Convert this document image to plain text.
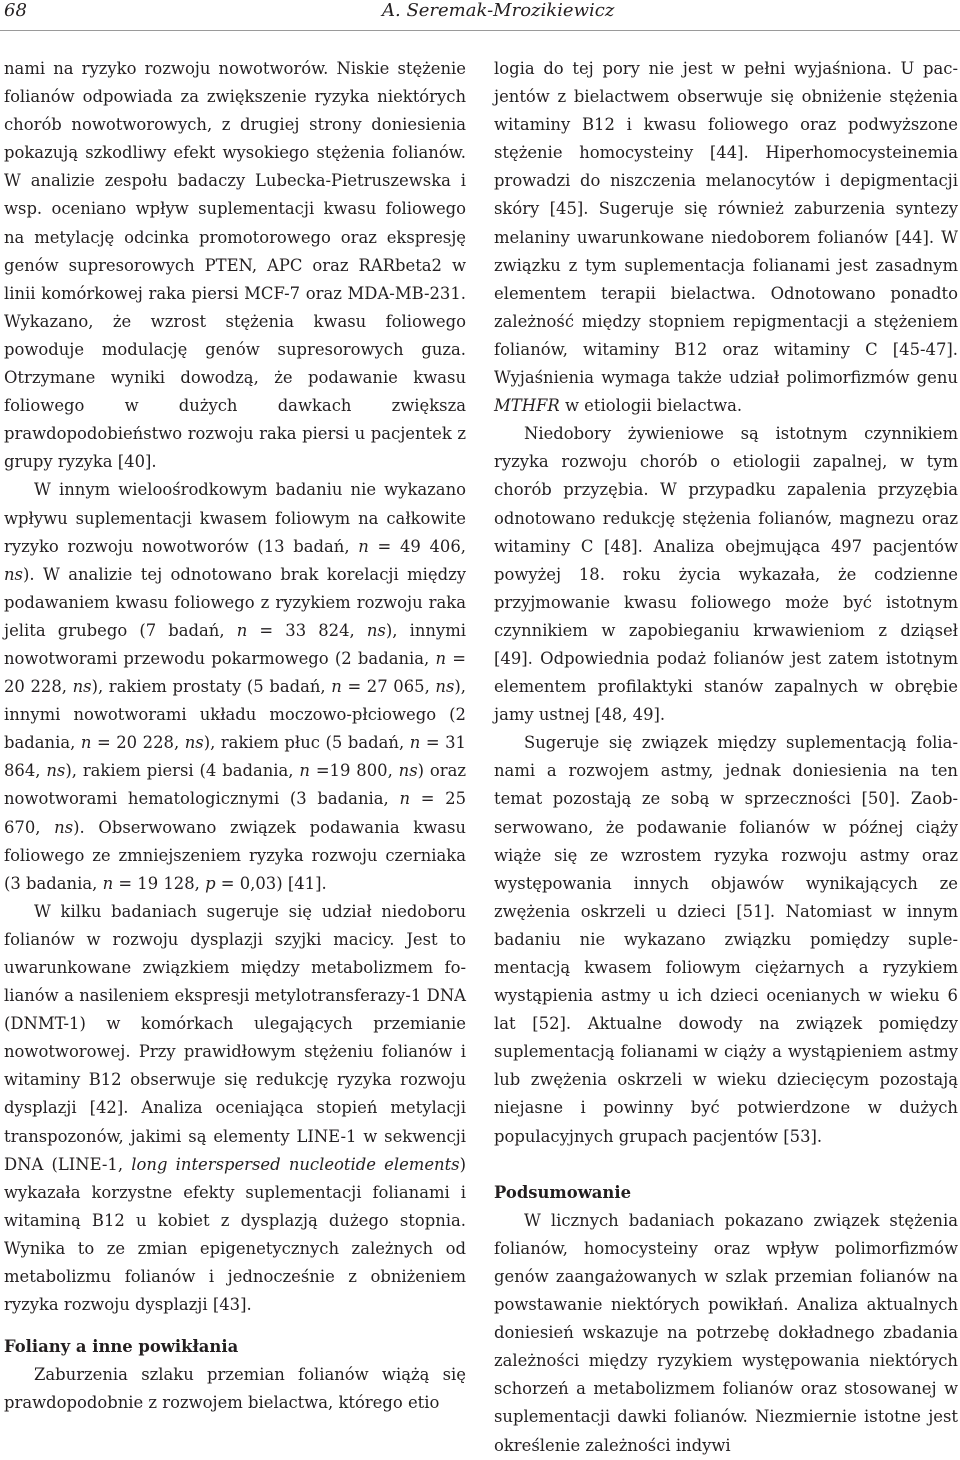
68	A. Seremak-Mrozikiewicz

nami na ryzyko rozwoju nowotworów. Niskie stężenie folianów odpowiada za zwiększenie ryzyka niektórych chorób nowotworowych, z drugiej strony doniesienia pokazują szkodliwy efekt wysokiego stężenia folianów. W analizie zespołu badaczy Lubecka-Pietruszewska i wsp. oceniano wpływ suplementacji kwasu foliowego na metylację odcinka promotorowego oraz ekspresję genów supresorowych PTEN, APC oraz RARbeta2 w linii komórkowej raka piersi MCF-7 oraz MDA-MB-231. Wykazano, że wzrost stężenia kwasu foliowego powoduje modulację genów supresorowych guza. Otrzymane wyniki dowodzą, że podawanie kwasu foliowego w dużych dawkach zwiększa prawdopodobieństwo rozwoju raka piersi u pacjentek z grupy ryzyka [40].

W innym wieloośrodkowym badaniu nie wykazano wpływu suplementacji kwasem foliowym na całkowite ryzyko rozwoju nowotworów (13 badań, n = 49 406, ns). W analizie tej odnotowano brak korelacji między podawaniem kwasu foliowego z ryzykiem rozwoju raka jelita grubego (7 badań, n = 33 824, ns), innymi nowotworami przewodu pokarmowego (2 badania, n = 20 228, ns), rakiem prostaty (5 badań, n = 27 065, ns), innymi nowotworami układu moczowo-płciowego (2 badania, n = 20 228, ns), rakiem płuc (5 badań, n = 31 864, ns), rakiem piersi (4 badania, n =19 800, ns) oraz nowotworami hematologicznymi (3 badania, n = 25 670, ns). Obserwowano związek podawania kwasu foliowego ze zmniejszeniem ryzyka rozwoju czerniaka (3 badania, n = 19 128, p = 0,03) [41].

W kilku badaniach sugeruje się udział niedoboru folianów w rozwoju dysplazji szyjki macicy. Jest to uwarunkowane związkiem między metabolizmem folianów a nasileniem ekspresji metylotransferazy-1 DNA (DNMT-1) w komórkach ulegających przemianie nowotworowej. Przy prawidłowym stężeniu folianów i witaminy B12 obserwuje się redukcję ryzyka rozwoju dysplazji [42]. Analiza oceniająca stopień metylacji transpozonów, jakimi są elementy LINE-1 w sekwencji DNA (LINE-1, long interspersed nucleotide elements) wykazała korzystne efekty suplementacji folianami i witaminą B12 u kobiet z dysplazją dużego stopnia. Wynika to ze zmian epigenetycznych zależnych od metabolizmu folianów i jednocześnie z obniżeniem ryzyka rozwoju dysplazji [43].

Foliany a inne powikłania

Zaburzenia szlaku przemian folianów wiążą się prawdopodobnie z rozwojem bielactwa, którego etio

logia do tej pory nie jest w pełni wyjaśniona. U pacjentów z bielactwem obserwuje się obniżenie stężenia witaminy B12 i kwasu foliowego oraz podwyższone stężenie homocysteiny [44]. Hiperhomocysteinemia prowadzi do niszczenia melanocytów i depigmentacji skóry [45]. Sugeruje się również zaburzenia syntezy melaniny uwarunkowane niedoborem folianów [44]. W związku z tym suplementacja folianami jest zasadnym elementem terapii bielactwa. Odnotowano ponadto zależność między stopniem repigmentacji a stężeniem folianów, witaminy B12 oraz witaminy C [45-47]. Wyjaśnienia wymaga także udział polimorfizmów genu MTHFR w etiologii bielactwa.

Niedobory żywieniowe są istotnym czynnikiem ryzyka rozwoju chorób o etiologii zapalnej, w tym chorób przyzębia. W przypadku zapalenia przyzębia odnotowano redukcję stężenia folianów, magnezu oraz witaminy C [48]. Analiza obejmująca 497 pacjentów powyżej 18. roku życia wykazała, że codzienne przyjmowanie kwasu foliowego może być istotnym czynnikiem w zapobieganiu krwawieniom z dziąseł [49]. Odpowiednia podaż folianów jest zatem istotnym elementem profilaktyki stanów zapalnych w obrębie jamy ustnej [48, 49].

Sugeruje się związek między suplementacją folianami a rozwojem astmy, jednak doniesienia na ten temat pozostają ze sobą w sprzeczności [50]. Zaobserwowano, że podawanie folianów w późnej ciąży wiąże się ze wzrostem ryzyka rozwoju astmy oraz występowania innych objawów wynikających ze zwężenia oskrzeli u dzieci [51]. Natomiast w innym badaniu nie wykazano związku pomiędzy suplementacją kwasem foliowym ciężarnych a ryzykiem wystąpienia astmy u ich dzieci ocenianych w wieku 6 lat [52]. Aktualne dowody na związek pomiędzy suplementacją folianami w ciąży a wystąpieniem astmy lub zwężenia oskrzeli w wieku dziecięcym pozostają niejasne i powinny być potwierdzone w dużych populacyjnych grupach pacjentów [53].

Podsumowanie

W licznych badaniach pokazano związek stężenia folianów, homocysteiny oraz wpływ polimorfizmów genów zaangażowanych w szlak przemian folianów na powstawanie niektórych powikłań. Analiza aktualnych doniesień wskazuje na potrzebę dokładnego zbadania zależności między ryzykiem występowania niektórych schorzeń a metabolizmem folianów oraz stosowanej w suplementacji dawki folianów. Niezmiernie istotne jest określenie zależności indywi
